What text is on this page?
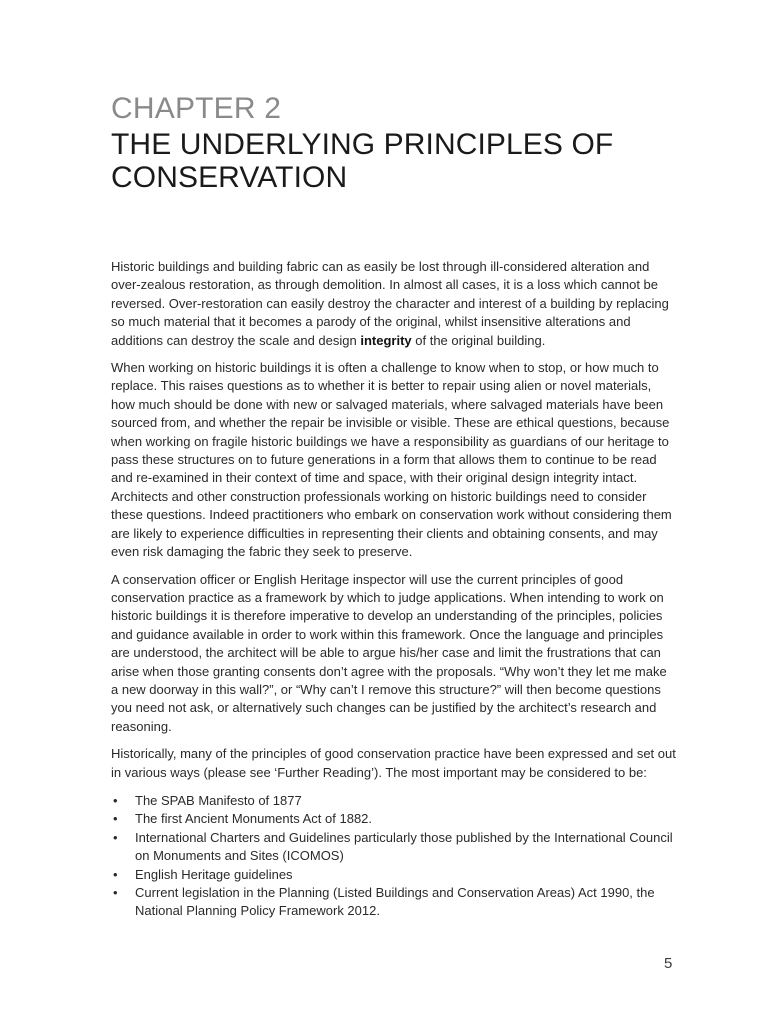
CHAPTER 2
THE UNDERLYING PRINCIPLES OF
CONSERVATION

Historic buildings and building fabric can as easily be lost through ill-considered alteration and over-zealous restoration, as through demolition. In almost all cases, it is a loss which cannot be reversed. Over-restoration can easily destroy the character and interest of a building by replacing so much material that it becomes a parody of the original, whilst insensitive alterations and additions can destroy the scale and design integrity of the original building.

When working on historic buildings it is often a challenge to know when to stop, or how much to replace. This raises questions as to whether it is better to repair using alien or novel materials, how much should be done with new or salvaged materials, where salvaged materials have been sourced from, and whether the repair be invisible or visible. These are ethical questions, because when working on fragile historic buildings we have a responsibility as guardians of our heritage to pass these structures on to future generations in a form that allows them to continue to be read and re-examined in their context of time and space, with their original design integrity intact. Architects and other construction professionals working on historic buildings need to consider these questions. Indeed practitioners who embark on conservation work without considering them are likely to experience difficulties in representing their clients and obtaining consents, and may even risk damaging the fabric they seek to preserve.

A conservation officer or English Heritage inspector will use the current principles of good conservation practice as a framework by which to judge applications. When intending to work on historic buildings it is therefore imperative to develop an understanding of the principles, policies and guidance available in order to work within this framework. Once the language and principles are understood, the architect will be able to argue his/her case and limit the frustrations that can arise when those granting consents don’t agree with the proposals. “Why won’t they let me make a new doorway in this wall?”, or “Why can’t I remove this structure?” will then become questions you need not ask, or alternatively such changes can be justified by the architect’s research and reasoning.

Historically, many of the principles of good conservation practice have been expressed and set out in various ways (please see ‘Further Reading’). The most important may be considered to be:

• The SPAB Manifesto of 1877
• The first Ancient Monuments Act of 1882.
• International Charters and Guidelines particularly those published by the International Council on Monuments and Sites (ICOMOS)
• English Heritage guidelines
• Current legislation in the Planning (Listed Buildings and Conservation Areas) Act 1990, the National Planning Policy Framework 2012.
5
